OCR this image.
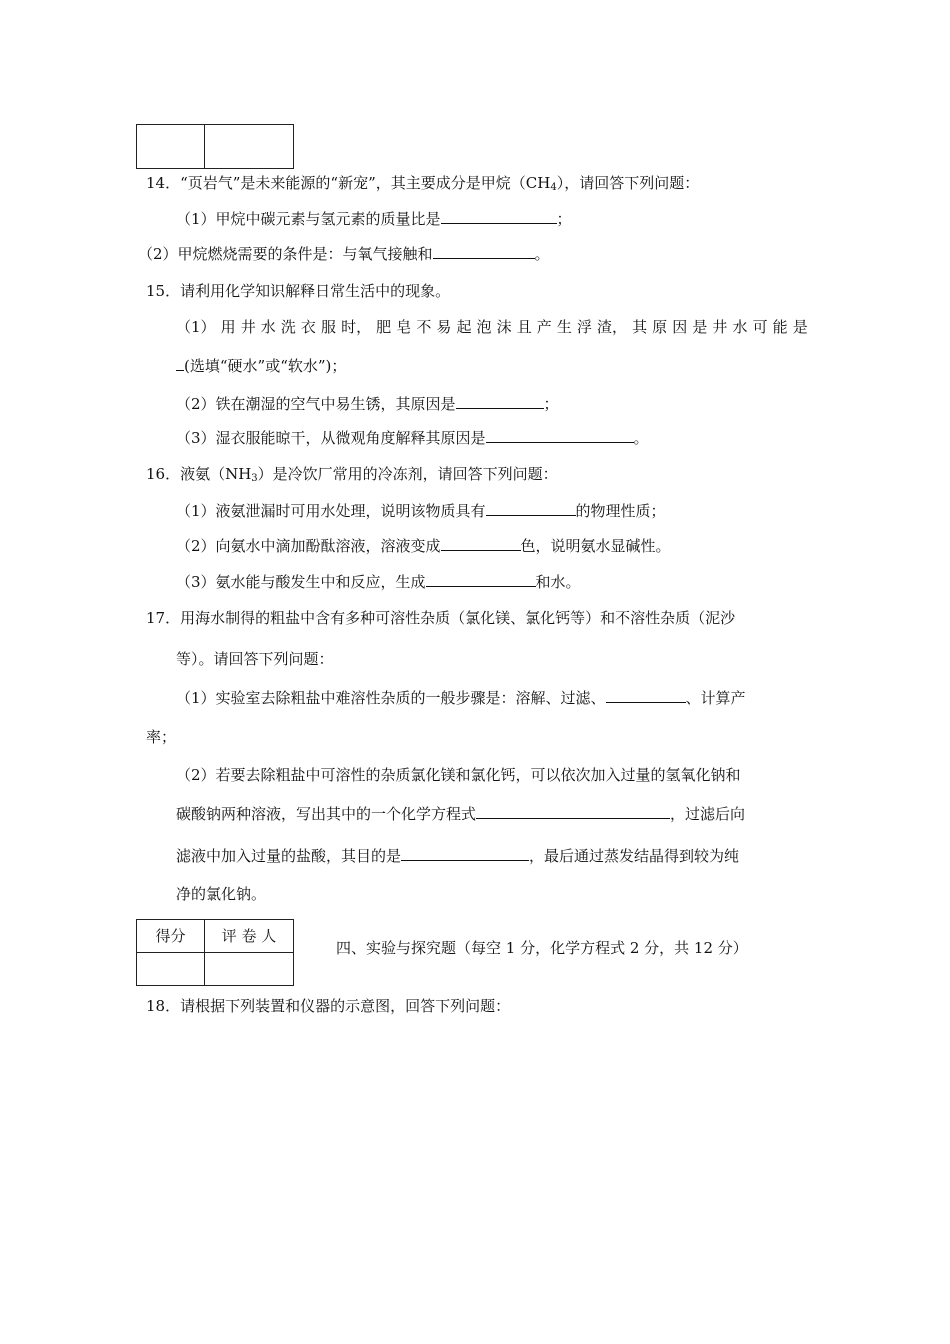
14．“页岩气”是未来能源的“新宠”，其主要成分是甲烷$(CH_4)$，请回答下列问题：
（1）甲烷中碳元素与氢元素的质量比是	；
（2）甲烷燃烧需要的条件是：与氧气接触和	。
15．请利用化学知识解释日常生活中的现象。
（1） 用 井 水 洗 衣 服 时， 肥 皂 不 易 起 泡 沫 且 产 生 浮 渣， 其 原 因 是 井 水 可 能 是
(选填“硬水”或“软水”)；
（2）铁在潮湿的空气中易生锈，其原因是	；
（3）湿衣服能晾干，从微观角度解释其原因是	。
16．液氨$(NH_3)$是冷饮厂常用的冷冻剂，请回答下列问题：
（1）液氨泄漏时可用水处理，说明该物质具有	的物理性质；
（2）向氨水中滴加酚酞溶液，溶液变成	色，说明氨水显碱性。
（3）氨水能与酸发生中和反应，生成	和水。
17．用海水制得的粗盐中含有多种可溶性杂质（氯化镁、氯化钙等）和不溶性杂质（泥沙
等）。请回答下列问题：
（1）实验室去除粗盐中难溶性杂质的一般步骤是：溶解、过滤、	、计算产
率；
（2）若要去除粗盐中可溶性的杂质氯化镁和氯化钙，可以依次加入过量的氢氧化钠和
碳酸钠两种溶液，写出其中的一个化学方程式	，过滤后向
滤液中加入过量的盐酸，其目的是	，最后通过蒸发结晶得到较为纯
净的氯化钠。
得分	评 卷 人

四、实验与探究题（每空 1 分，化学方程式 2 分，共 12 分）
18．请根据下列装置和仪器的示意图，回答下列问题：
